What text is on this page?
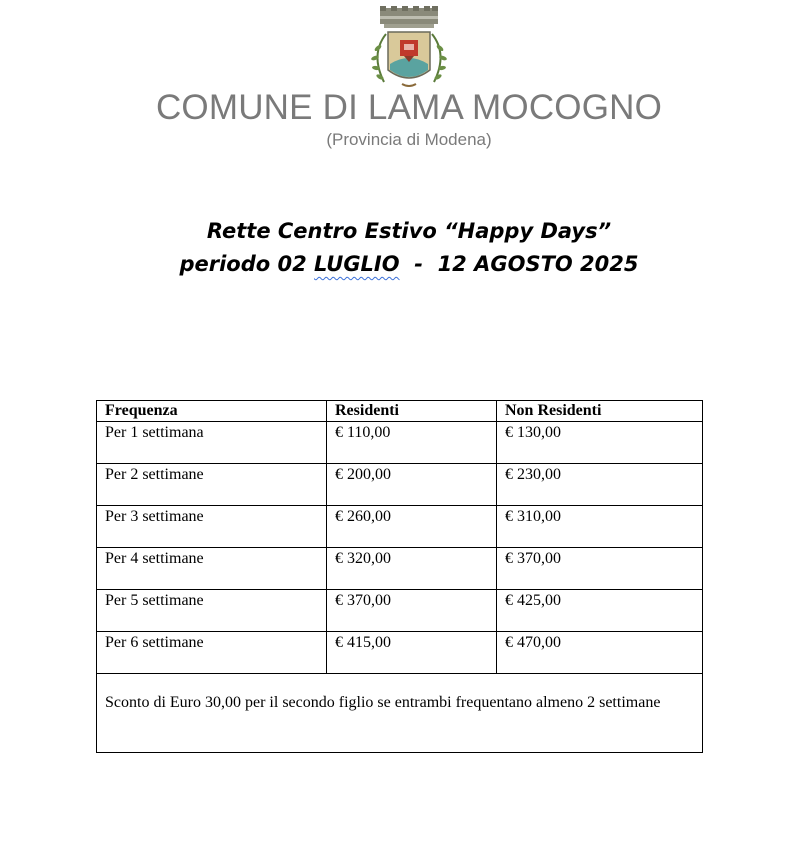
COMUNE DI LAMA MOCOGNO
(Provincia di Modena)
Rette Centro Estivo “Happy Days”
periodo 02 LUGLIO  -  12 AGOSTO 2025
Frequenza	Residenti	Non Residenti
Per 1 settimana	€ 110,00	€ 130,00
Per 2 settimane	€ 200,00	€ 230,00
Per 3 settimane	€ 260,00	€ 310,00
Per 4 settimane	€ 320,00	€ 370,00
Per 5 settimane	€ 370,00	€ 425,00
Per 6 settimane	€ 415,00	€ 470,00
Sconto di Euro 30,00 per il secondo figlio se entrambi frequentano almeno 2 settimane		
